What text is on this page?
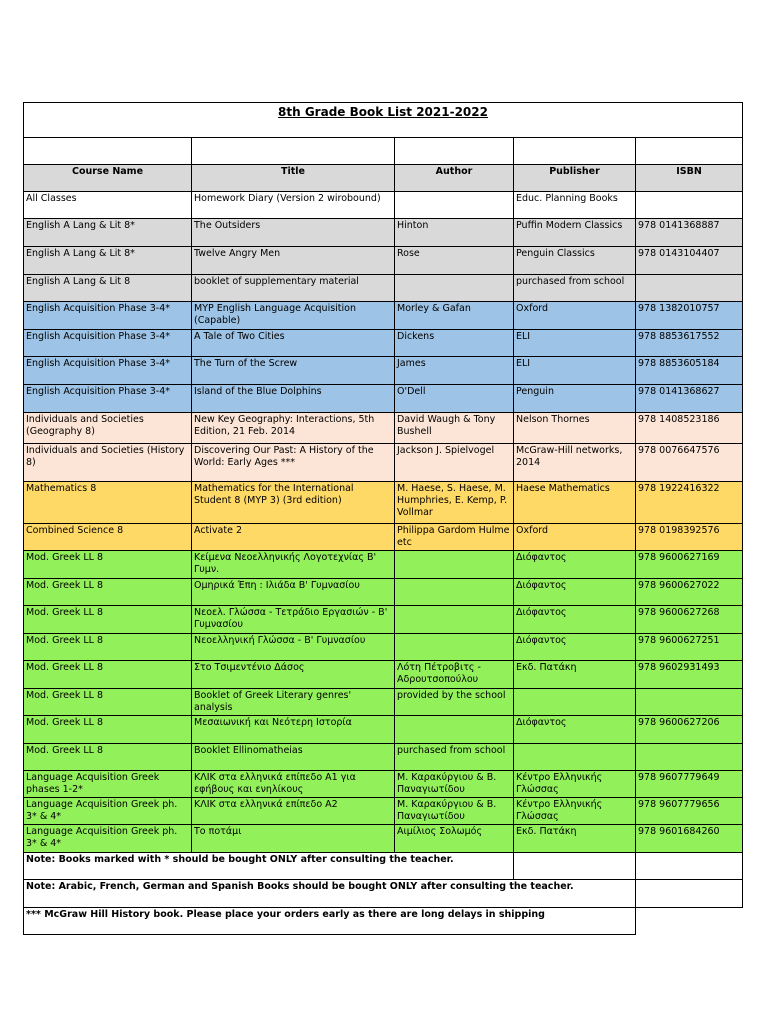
8th Grade Book List 2021-2022				

Course Name	Title	Author	Publisher	ISBN
All Classes	Homework Diary (Version 2 wirobound)		Educ. Planning Books	
English A Lang & Lit 8*	The Outsiders	Hinton	Puffin Modern Classics	978 0141368887
English A Lang & Lit 8*	Twelve Angry Men	Rose	Penguin Classics	978 0143104407
English A Lang & Lit 8	booklet of supplementary material		purchased from school	
English Acquisition Phase 3-4*	MYP English Language Acquisition (Capable)	Morley & Gafan	Oxford	978 1382010757
English Acquisition Phase 3-4*	A Tale of Two Cities	Dickens	ELI	978 8853617552
English Acquisition Phase 3-4*	The Turn of the Screw	James	ELI	978 8853605184
English Acquisition Phase 3-4*	Island of the Blue Dolphins	O'Dell	Penguin	978 0141368627
Individuals and Societies (Geography 8)	New Key Geography: Interactions, 5th Edition, 21 Feb. 2014	David Waugh & Tony Bushell	Nelson Thornes	978 1408523186
Individuals and Societies (History 8)	Discovering Our Past: A History of the World: Early Ages ***	Jackson J. Spielvogel	McGraw-Hill networks, 2014	978 0076647576
Mathematics 8	Mathematics for the International Student 8 (MYP 3) (3rd edition)	M. Haese, S. Haese, M. Humphries, E. Kemp, P. Vollmar	Haese Mathematics	978 1922416322
Combined Science 8	Activate 2	Philippa Gardom Hulme etc	Oxford	978 0198392576
Mod. Greek LL 8	Κείμενα Νεοελληνικής Λογοτεχνίας Β' Γυμν.		Διόφαντος	978 9600627169
Mod. Greek LL 8	Ομηρικά Έπη : Ιλιάδα Β' Γυμνασίου		Διόφαντος	978 9600627022
Mod. Greek LL 8	Νεοελ. Γλώσσα - Τετράδιο Εργασιών - Β' Γυμνασίου		Διόφαντος	978 9600627268
Mod. Greek LL 8	Νεοελληνική Γλώσσα - Β' Γυμνασίου		Διόφαντος	978 9600627251
Mod. Greek LL 8	Στο Τσιμεντένιο Δάσος	Λότη Πέτροβιτς - Αδρουτσοπούλου	Εκδ. Πατάκη	978 9602931493
Mod. Greek LL 8	Booklet of Greek Literary genres' analysis	provided by the school		
Mod. Greek LL 8	Μεσαιωνική και Νεότερη Ιστορία		Διόφαντος	978 9600627206
Mod. Greek LL 8	Booklet Ellinomatheias	purchased from school		
Language Acquisition Greek phases 1-2*	ΚΛΙΚ στα ελληνικά επίπεδο Α1 για εφήβους και ενηλίκους	Μ. Καρακύργιου & Β. Παναγιωτίδου	Κέντρο Ελληνικής Γλώσσας	978 9607779649
Language Acquisition Greek ph. 3* & 4*	ΚΛΙΚ στα ελληνικά επίπεδο Α2	Μ. Καρακύργιου & Β. Παναγιωτίδου	Κέντρο Ελληνικής Γλώσσας	978 9607779656
Language Acquisition Greek ph. 3* & 4*	Το ποτάμι	Αιμίλιος Σολωμός	Εκδ. Πατάκη	978 9601684260
Note: Books marked with * should be bought ONLY after consulting the teacher.				
Note: Arabic, French, German and Spanish Books should be bought ONLY after consulting the teacher.				
*** McGraw Hill History book. Please place your orders early as there are long delays in shipping				
